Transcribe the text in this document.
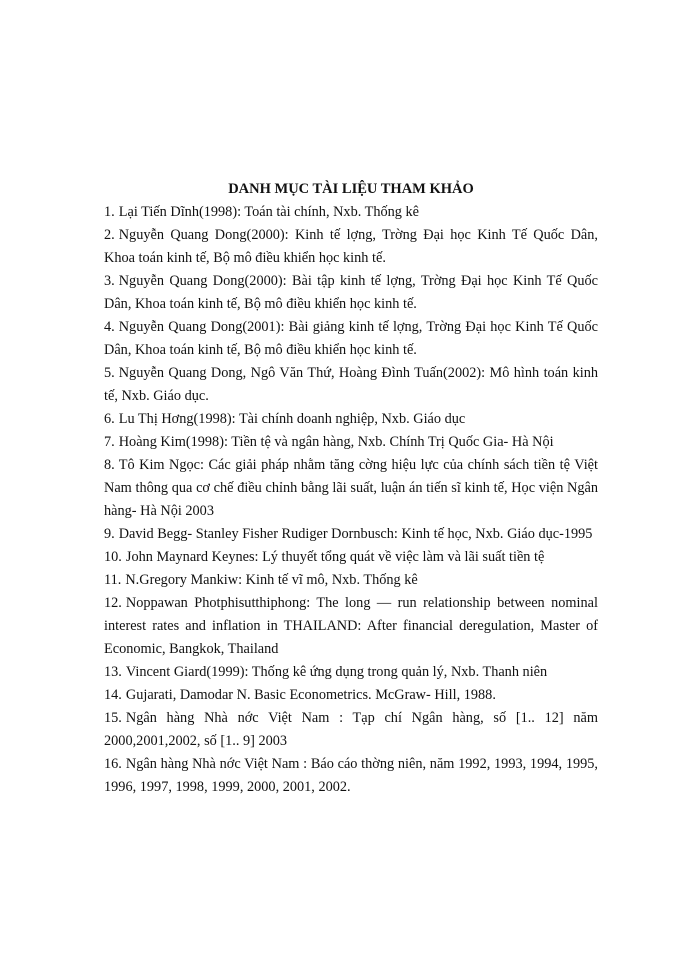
DANH MỤC TÀI LIỆU THAM KHẢO
1. Lại Tiến Dĩnh(1998): Toán tài chính, Nxb. Thống kê
2. Nguyễn Quang Dong(2000): Kinh tế lợng, Trờng Đại học Kinh Tế Quốc Dân, Khoa toán kinh tế, Bộ mô điều khiển học kinh tế.
3. Nguyễn Quang Dong(2000): Bài tập kinh tế lợng, Trờng Đại học Kinh Tế Quốc Dân, Khoa toán kinh tế, Bộ mô điều khiển học kinh tế.
4. Nguyễn Quang Dong(2001): Bài giảng kinh tế lợng, Trờng Đại học Kinh Tế Quốc Dân, Khoa toán kinh tế, Bộ mô điều khiển học kinh tế.
5. Nguyễn Quang Dong, Ngô Văn Thứ, Hoàng Đình Tuấn(2002): Mô hình toán kinh tế, Nxb. Giáo dục.
6. Lu Thị Hơng(1998): Tài chính doanh nghiệp, Nxb. Giáo dục
7. Hoàng Kim(1998): Tiền tệ và ngân hàng, Nxb. Chính Trị Quốc Gia- Hà Nội
8. Tô Kim Ngọc: Các giải pháp nhằm tăng cờng hiệu lực của chính sách tiền tệ Việt Nam thông qua cơ chế điều chỉnh bằng lãi suất, luận án tiến sĩ kinh tế, Học viện Ngân hàng- Hà Nội 2003
9. David Begg- Stanley Fisher Rudiger Dornbusch: Kinh tế học, Nxb. Giáo dục-1995
10. John Maynard Keynes: Lý thuyết tổng quát về việc làm và lãi suất tiền tệ
11. N.Gregory Mankiw: Kinh tế vĩ mô, Nxb. Thống kê
12. Noppawan Photphisutthiphong: The long — run relationship between nominal interest rates and inflation in THAILAND: After financial deregulation, Master of Economic, Bangkok, Thailand
13. Vincent Giard(1999): Thống kê ứng dụng trong quản lý, Nxb. Thanh niên
14. Gujarati, Damodar N. Basic Econometrics. McGraw- Hill, 1988.
15. Ngân hàng Nhà nớc Việt Nam : Tạp chí Ngân hàng, số [1.. 12] năm 2000,2001,2002, số [1.. 9] 2003
16. Ngân hàng Nhà nớc Việt Nam : Báo cáo thờng niên, năm 1992, 1993, 1994, 1995, 1996, 1997, 1998, 1999, 2000, 2001, 2002.
